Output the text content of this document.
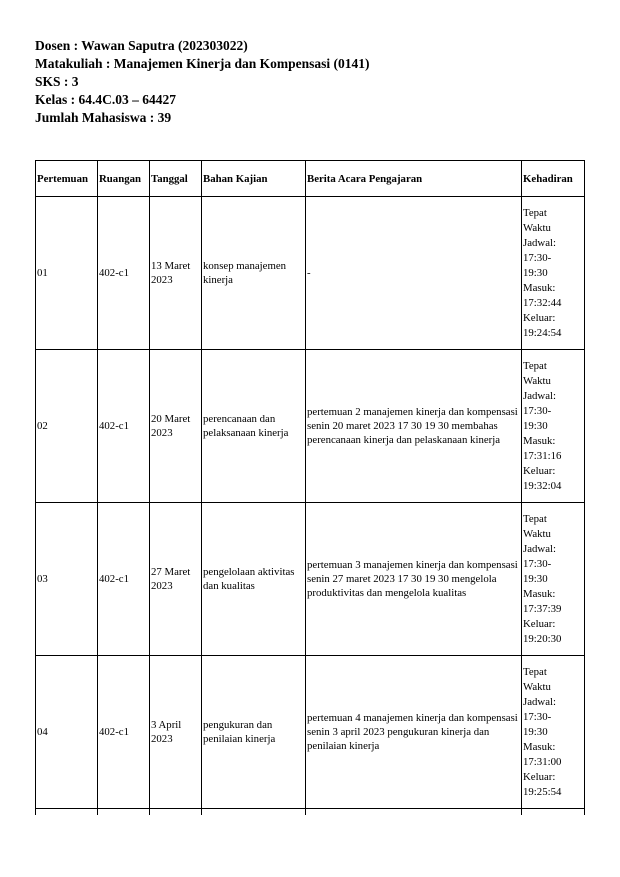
Dosen : Wawan Saputra (202303022)
Matakuliah : Manajemen Kinerja dan Kompensasi (0141)
SKS : 3
Kelas : 64.4C.03 – 64427
Jumlah Mahasiswa : 39
Pertemuan	Ruangan	Tanggal	Bahan Kajian	Berita Acara Pengajaran	Kehadiran
01	402-c1	13 Maret 2023	konsep manajemen kinerja	-	Tepat Waktu Jadwal: 17:30-19:30 Masuk: 17:32:44 Keluar: 19:24:54

02	402-c1	20 Maret 2023	perencanaan dan pelaksanaan kinerja	pertemuan 2 manajemen kinerja dan kompensasi senin 20 maret 2023 17 30 19 30 membahas perencanaan kinerja dan pelaskanaan kinerja	Tepat Waktu Jadwal: 17:30-19:30 Masuk: 17:31:16 Keluar: 19:32:04

03	402-c1	27 Maret 2023	pengelolaan aktivitas dan kualitas	pertemuan 3 manajemen kinerja dan kompensasi senin 27 maret 2023 17 30 19 30 mengelola produktivitas dan mengelola kualitas	Tepat Waktu Jadwal: 17:30-19:30 Masuk: 17:37:39 Keluar: 19:20:30

04	402-c1	3 April 2023	pengukuran dan penilaian kinerja	pertemuan 4 manajemen kinerja dan kompensasi senin 3 april 2023 pengukuran kinerja dan penilaian kinerja	Tepat Waktu Jadwal: 17:30-19:30 Masuk: 17:31:00 Keluar: 19:25:54
